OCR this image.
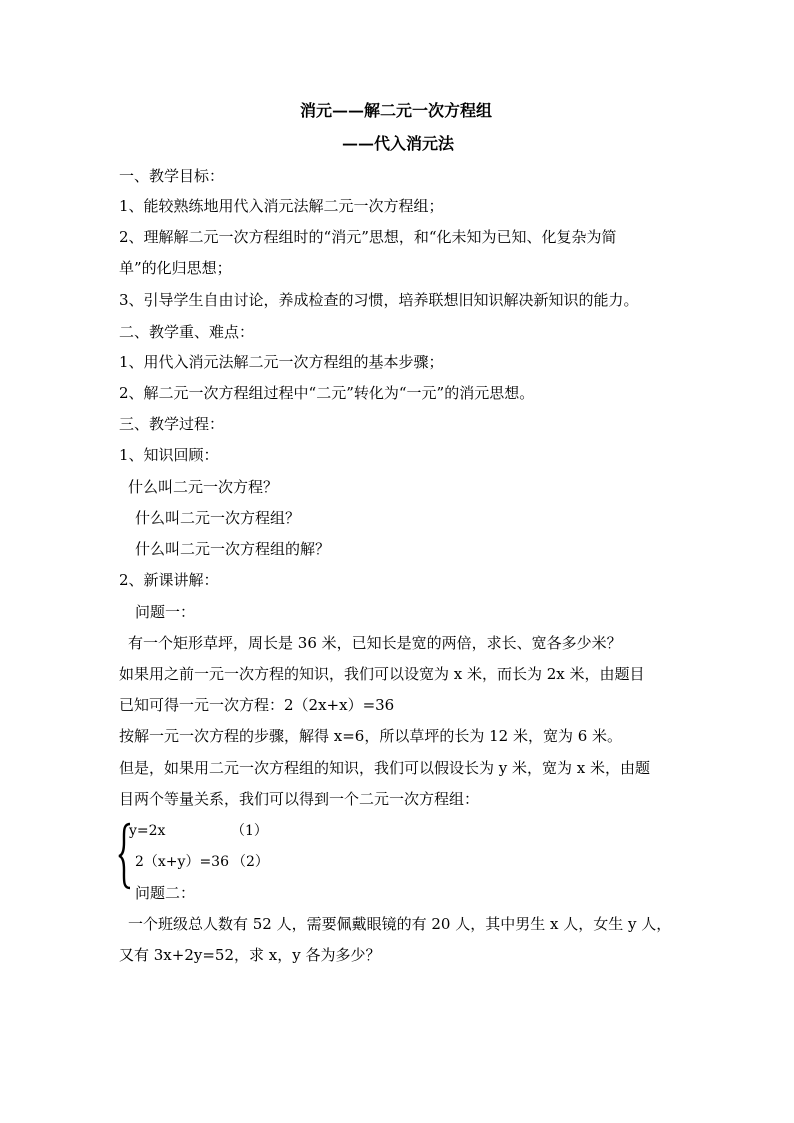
消元——解二元一次方程组
——代入消元法
一、教学目标：
1、能较熟练地用代入消元法解二元一次方程组；
2、理解解二元一次方程组时的“消元”思想，和“化未知为已知、化复杂为简
单”的化归思想；
3、引导学生自由讨论，养成检查的习惯，培养联想旧知识解决新知识的能力。
二、教学重、难点：
1、用代入消元法解二元一次方程组的基本步骤；
2、解二元一次方程组过程中“二元”转化为“一元”的消元思想。
三、教学过程：
1、知识回顾：
什么叫二元一次方程？
什么叫二元一次方程组？
什么叫二元一次方程组的解？
2、新课讲解：
问题一：
有一个矩形草坪，周长是 36 米，已知长是宽的两倍，求长、宽各多少米？
如果用之前一元一次方程的知识，我们可以设宽为 x 米，而长为 2x 米，由题目
已知可得一元一次方程：2（2x+x）=36
按解一元一次方程的步骤，解得 x=6，所以草坪的长为 12 米，宽为 6 米。
但是，如果用二元一次方程组的知识，我们可以假设长为 y 米，宽为 x 米，由题
目两个等量关系，我们可以得到一个二元一次方程组：
y=2x	（1）
2（x+y）=36 （2）
问题二：
一个班级总人数有 52 人，需要佩戴眼镜的有 20 人，其中男生 x 人，女生 y 人，
又有 3x+2y=52，求 x，y 各为多少？
